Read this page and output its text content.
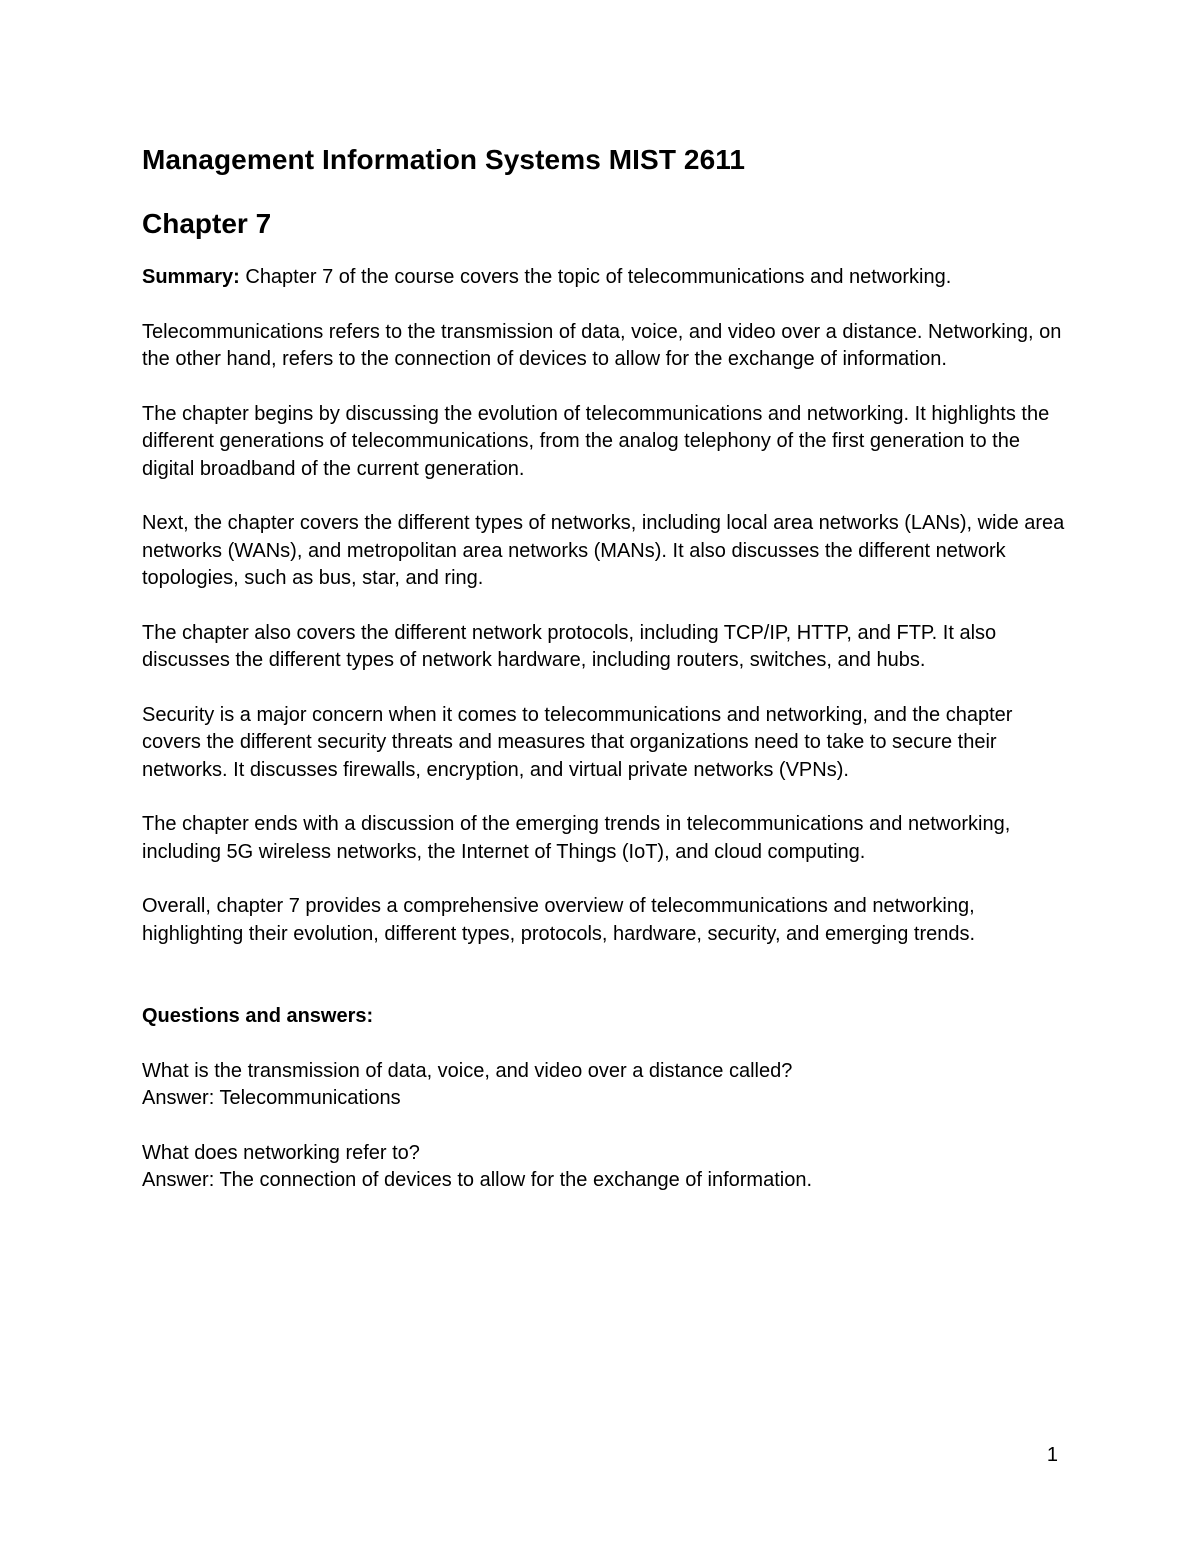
Management Information Systems MIST 2611
Chapter 7

Summary: Chapter 7 of the course covers the topic of telecommunications and networking.

Telecommunications refers to the transmission of data, voice, and video over a distance. Networking, on the other hand, refers to the connection of devices to allow for the exchange of information.

The chapter begins by discussing the evolution of telecommunications and networking. It highlights the different generations of telecommunications, from the analog telephony of the first generation to the digital broadband of the current generation.

Next, the chapter covers the different types of networks, including local area networks (LANs), wide area networks (WANs), and metropolitan area networks (MANs). It also discusses the different network topologies, such as bus, star, and ring.

The chapter also covers the different network protocols, including TCP/IP, HTTP, and FTP. It also discusses the different types of network hardware, including routers, switches, and hubs.

Security is a major concern when it comes to telecommunications and networking, and the chapter covers the different security threats and measures that organizations need to take to secure their networks. It discusses firewalls, encryption, and virtual private networks (VPNs).

The chapter ends with a discussion of the emerging trends in telecommunications and networking, including 5G wireless networks, the Internet of Things (IoT), and cloud computing.

Overall, chapter 7 provides a comprehensive overview of telecommunications and networking, highlighting their evolution, different types, protocols, hardware, security, and emerging trends.

Questions and answers:

What is the transmission of data, voice, and video over a distance called?

Answer: Telecommunications

What does networking refer to?

Answer: The connection of devices to allow for the exchange of information.

1
